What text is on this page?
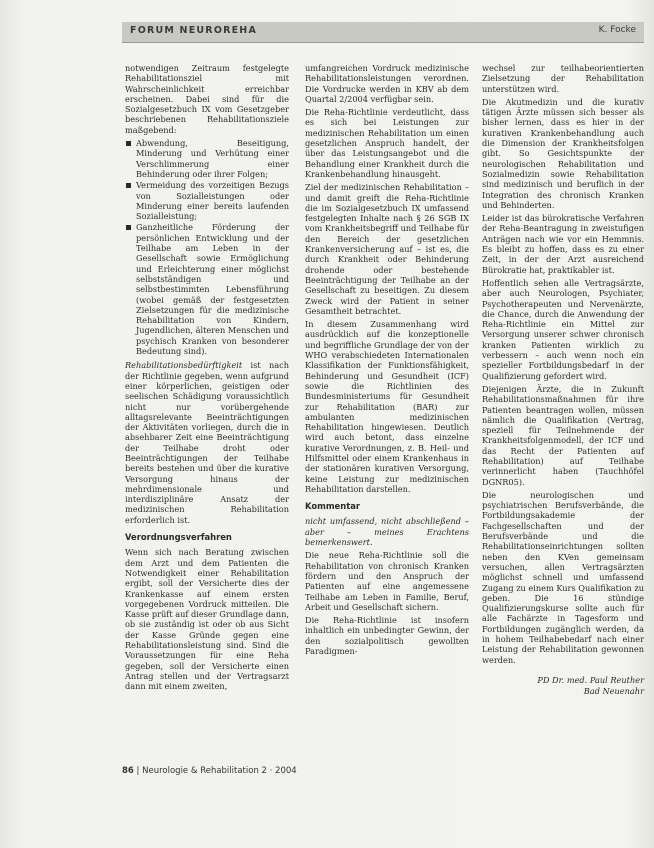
FORUM NEUROREHA	K. Focke

notwendigen Zeitraum festgelegte Rehabilitationsziel mit Wahrscheinlichkeit erreichbar erscheinen. Dabei sind für die Sozialgesetzbuch IX vom Gesetzgeber beschriebenen Rehabilitationsziele maßgebend:

Abwendung, Beseitigung, Minderung und Verhütung einer Verschlimmerung einer Behinderung oder ihrer Folgen;
Vermeidung des vorzeitigen Bezugs von Sozialleistungen oder Minderung einer bereits laufenden Sozialleistung;
Ganzheitliche Förderung der persönlichen Entwicklung und der Teilhabe am Leben in der Gesellschaft sowie Ermöglichung und Erleichterung einer möglichst selbstständigen und selbstbestimmten Lebensführung (wobei gemäß der festgesetzten Zielsetzungen für die medizinische Rehabilitation von Kindern, Jugendlichen, älteren Menschen und psychisch Kranken von besonderer Bedeutung sind).

Rehabilitationsbedürftigkeit ist nach der Richtlinie gegeben, wenn aufgrund einer körperlichen, geistigen oder seelischen Schädigung voraussichtlich nicht nur vorübergehende alltagsrelevante Beeinträchtigungen der Aktivitäten vorliegen, durch die in absehbarer Zeit eine Beeinträchtigung der Teilhabe droht oder Beeinträchtigungen der Teilhabe bereits bestehen und über die kurative Versorgung hinaus der mehrdimensionale und interdisziplinäre Ansatz der medizinischen Rehabilitation erforderlich ist.

Verordnungsverfahren

Wenn sich nach Beratung zwischen dem Arzt und dem Patienten die Notwendigkeit einer Rehabilitation ergibt, soll der Versicherte dies der Krankenkasse auf einem ersten vorgegebenen Vordruck mitteilen. Die Kasse prüft auf dieser Grundlage dann, ob sie zuständig ist oder ob aus Sicht der Kasse Gründe gegen eine Rehabilitationsleistung sind. Sind die Voraussetzungen für eine Reha gegeben, soll der Versicherte einen Antrag stellen und der Vertragsarzt dann mit einem zweiten,

umfangreichen Vordruck medizinische Rehabilitationsleistungen verordnen. Die Vordrucke werden in KBV ab dem Quartal 2/2004 verfügbar sein.

Die Reha-Richtlinie verdeutlicht, dass es sich bei Leistungen zur medizinischen Rehabilitation um einen gesetzlichen Anspruch handelt, der über das Leistungsangebot und die Behandlung einer Krankheit durch die Krankenbehandlung hinausgeht.

Ziel der medizinischen Rehabilitation – und damit greift die Reha-Richtlinie die im Sozialgesetzbuch IX umfassend festgelegten Inhalte nach § 26 SGB IX vom Krankheitsbegriff und Teilhabe für den Bereich der gesetzlichen Krankenversicherung auf – ist es, die durch Krankheit oder Behinderung drohende oder bestehende Beeinträchtigung der Teilhabe an der Gesellschaft zu beseitigen. Zu diesem Zweck wird der Patient in seiner Gesamtheit betrachtet.

In diesem Zusammenhang wird ausdrücklich auf die konzeptionelle und begriffliche Grundlage der von der WHO verabschiedeten Internationalen Klassifikation der Funktionsfähigkeit, Behinderung und Gesundheit (ICF) sowie die Richtlinien des Bundesministeriums für Gesundheit zur Rehabilitation (BAR) zur ambulanten medizinischen Rehabilitation hingewiesen. Deutlich wird auch betont, dass einzelne kurative Verordnungen, z. B. Heil- und Hilfsmittel oder einem Krankenhaus in der stationären kurativen Versorgung, keine Leistung zur medizinischen Rehabilitation darstellen.

Kommentar

nicht umfassend, nicht abschließend – aber – meines Erachtens bemerkenswert.

Die neue Reha-Richtlinie soll die Rehabilitation von chronisch Kranken fördern und den Anspruch der Patienten auf eine angemessene Teilhabe am Leben in Familie, Beruf, Arbeit und Gesellschaft sichern.

Die Reha-Richtlinie ist insofern inhaltlich ein unbedingter Gewinn, der den sozialpolitisch gewollten Paradigmen-

wechsel zur teilhabeorientierten Zielsetzung der Rehabilitation unterstützen wird.

Die Akutmedizin und die kurativ tätigen Ärzte müssen sich besser als bisher lernen, dass es hier in der kurativen Krankenbehandlung auch die Dimension der Krankheitsfolgen gibt. So Gesichtspunkte der neurologischen Rehabilitation und Sozialmedizin sowie Rehabilitation sind medizinisch und beruflich in der Integration des chronisch Kranken und Behinderten.

Leider ist das bürokratische Verfahren der Reha-Beantragung in zweistufigen Anträgen nach wie vor ein Hemmnis. Es bleibt zu hoffen, dass es zu einer Zeit, in der der Arzt ausreichend Bürokratie hat, praktikabler ist.

Hoffentlich sehen alle Vertragsärzte, aber auch Neurologen, Psychiater, Psychotherapeuten und Nervenärzte, die Chance, durch die Anwendung der Reha-Richtlinie ein Mittel zur Versorgung unserer schwer chronisch kranken Patienten wirklich zu verbessern – auch wenn noch ein spezieller Fortbildungsbedarf in der Qualifizierung gefordert wird.

Diejenigen Ärzte, die in Zukunft Rehabilitationsmaßnahmen für ihre Patienten beantragen wollen, müssen nämlich die Qualifikation (Vertrag, speziell für Teilnehmende der Krankheitsfolgenmodell, der ICF und das Recht der Patienten auf Rehabilitation) auf Teilhabe verinnerlicht haben (Tauchhöfel DGNR05).

Die neurologischen und psychiatrischen Berufsverbände, die Fortbildungsakademie der Fachgesellschaften und der Berufsverbände und die Rehabilitationseinrichtungen sollten neben den KVen gemeinsam versuchen, allen Vertragsärzten möglichst schnell und umfassend Zugang zu einem Kurs Qualifikation zu geben. Die 16 stündige Qualifizierungskurse sollte auch für alle Fachärzte in Tagesform und Fortbildungen zugänglich werden, da in hohem Teilhabebedarf nach einer Leistung der Rehabilitation gewonnen werden.

PD Dr. med. Paul Reuther
Bad Neuenahr
86 | Neurologie & Rehabilitation 2 · 2004
